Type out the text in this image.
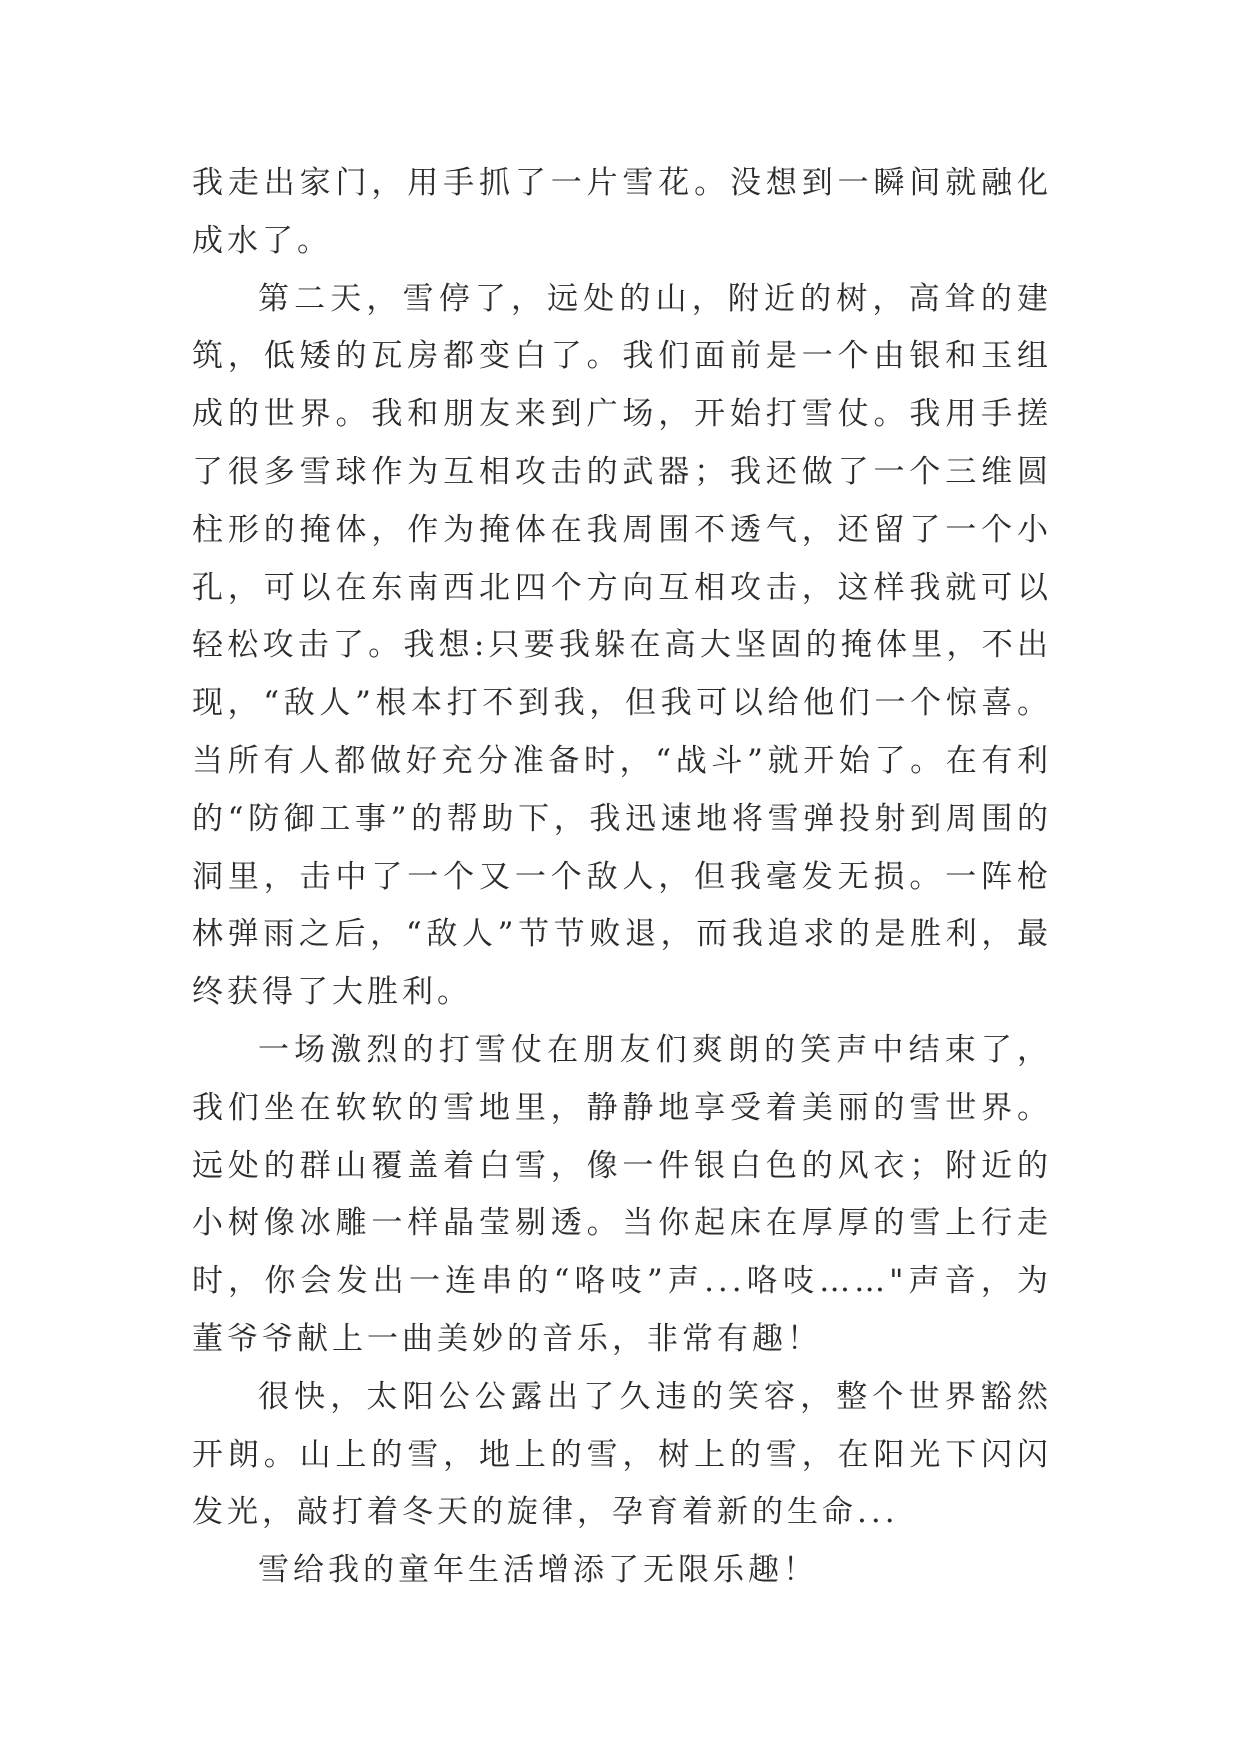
我走出家门，用手抓了一片雪花。没想到一瞬间就融化成水了。

第二天，雪停了，远处的山，附近的树，高耸的建筑，低矮的瓦房都变白了。我们面前是一个由银和玉组成的世界。我和朋友来到广场，开始打雪仗。我用手搓了很多雪球作为互相攻击的武器；我还做了一个三维圆柱形的掩体，作为掩体在我周围不透气，还留了一个小孔，可以在东南西北四个方向互相攻击，这样我就可以轻松攻击了。我想:只要我躲在高大坚固的掩体里，不出现，“敌人”根本打不到我，但我可以给他们一个惊喜。当所有人都做好充分准备时，“战斗”就开始了。在有利的“防御工事”的帮助下，我迅速地将雪弹投射到周围的洞里，击中了一个又一个敌人，但我毫发无损。一阵枪林弹雨之后，“敌人”节节败退，而我追求的是胜利，最终获得了大胜利。

一场激烈的打雪仗在朋友们爽朗的笑声中结束了，我们坐在软软的雪地里，静静地享受着美丽的雪世界。远处的群山覆盖着白雪，像一件银白色的风衣；附近的小树像冰雕一样晶莹剔透。当你起床在厚厚的雪上行走时，你会发出一连串的“咯吱”声...咯吱……"声音，为董爷爷献上一曲美妙的音乐，非常有趣！

很快，太阳公公露出了久违的笑容，整个世界豁然开朗。山上的雪，地上的雪，树上的雪，在阳光下闪闪发光，敲打着冬天的旋律，孕育着新的生命...

雪给我的童年生活增添了无限乐趣！
